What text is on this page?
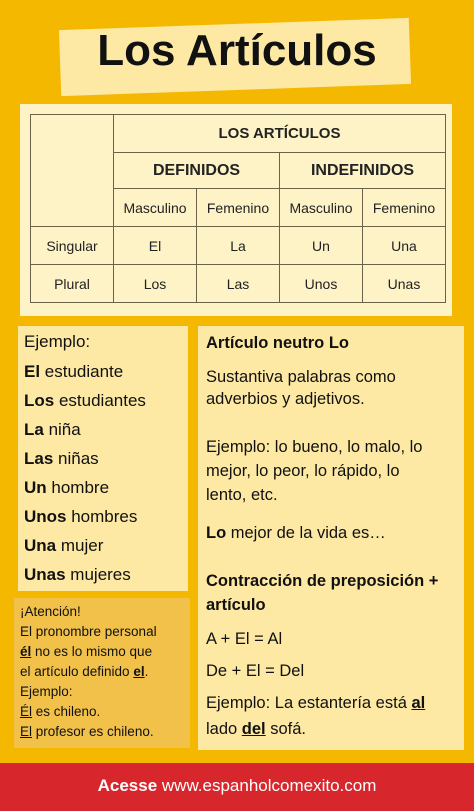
Los Artículos
	LOS ARTÍCULOS			
	DEFINIDOS		INDEFINIDOS	
	Masculino	Femenino	Masculino	Femenino
Singular	El	La	Un	Una
Plural	Los	Las	Unos	Unas
Ejemplo:
El estudiante
Los estudiantes
La niña
Las niñas
Un hombre
Unos hombres
Una mujer
Unas mujeres
¡Atención!
El pronombre personal
él no es lo mismo que
el artículo definido el.
Ejemplo:
Él es chileno.
El profesor es chileno.
Artículo neutro Lo
Sustantiva palabras como
adverbios y adjetivos.
Ejemplo: lo bueno, lo malo, lo
mejor, lo peor, lo rápido, lo
lento, etc.
Lo mejor de la vida es…
Contracción de preposición +
artículo
A + El = Al
De + El = Del
Ejemplo: La estantería está al
lado del sofá.
Acesse www.espanholcomexito.com
